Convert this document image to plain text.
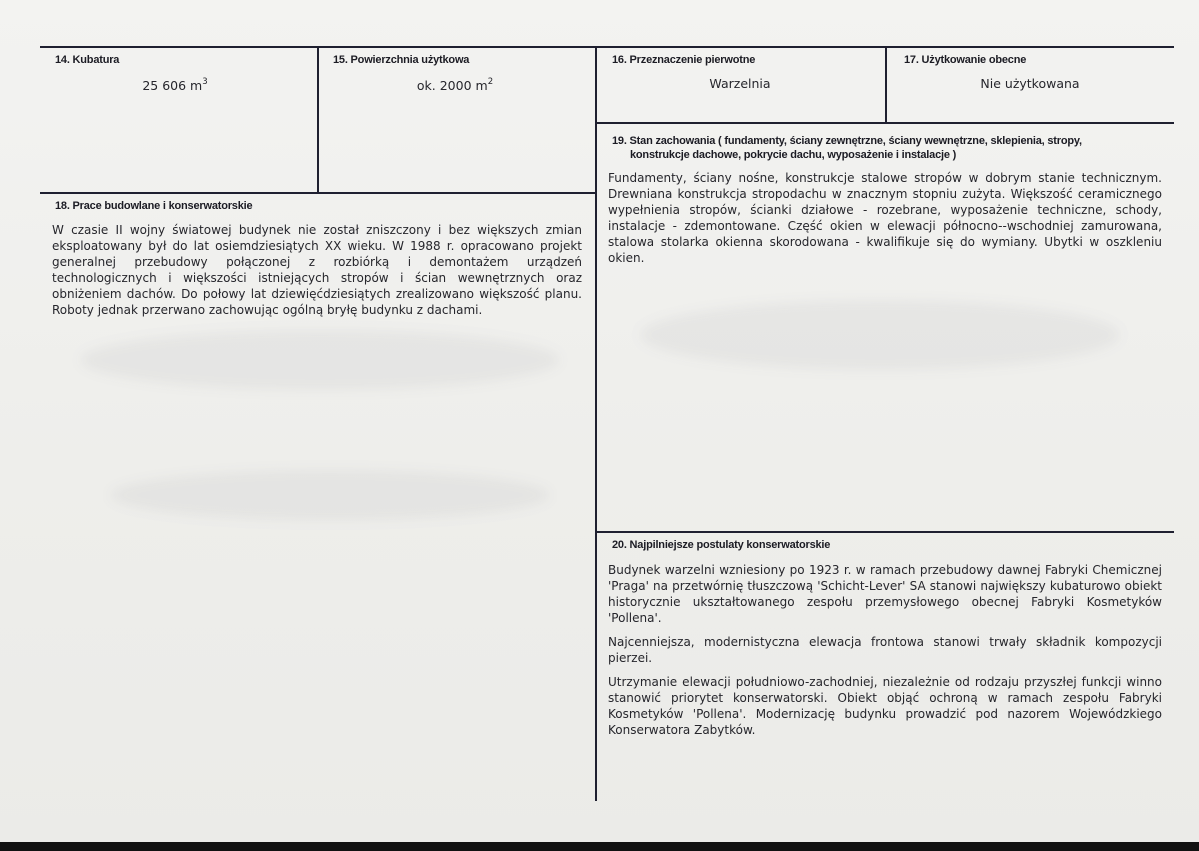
14. Kubatura
25 606 $m^3$
15. Powierzchnia użytkowa
ok. 2000 $m^2$
16. Przeznaczenie pierwotne
Warzelnia
17. Użytkowanie obecne
Nie użytkowana
19. Stan zachowania ( fundamenty, ściany zewnętrzne, ściany wewnętrzne, sklepienia, stropy,
konstrukcje dachowe, pokrycie dachu, wyposażenie i instalacje )
Fundamenty, ściany nośne, konstrukcje stalowe stropów w dobrym stanie technicznym. Drewniana konstrukcja stropodachu w znacznym stopniu zużyta. Większość ceramicznego wypełnienia stropów, ścianki działowe - rozebrane, wyposażenie techniczne, schody, instalacje - zdemontowane. Część okien w elewacji północno--wschodniej zamurowana, stalowa stolarka okienna skorodowana - kwalifikuje się do wymiany. Ubytki w oszkleniu okien.
18. Prace budowlane i konserwatorskie
W czasie II wojny światowej budynek nie został zniszczony i bez większych zmian eksploatowany był do lat osiemdziesiątych XX wieku. W 1988 r. opracowano projekt generalnej przebudowy połączonej z rozbiórką i demontażem urządzeń technologicznych i większości istniejących stropów i ścian wewnętrznych oraz obniżeniem dachów. Do połowy lat dziewięćdziesiątych zrealizowano większość planu. Roboty jednak przerwano zachowując ogólną bryłę budynku z dachami.
20. Najpilniejsze postulaty konserwatorskie

Budynek warzelni wzniesiony po 1923 r. w ramach przebudowy dawnej Fabryki Chemicznej 'Praga' na przetwórnię tłuszczową 'Schicht-Lever' SA stanowi największy kubaturowo obiekt historycznie ukształtowanego zespołu przemysłowego obecnej Fabryki Kosmetyków 'Pollena'.

Najcenniejsza, modernistyczna elewacja frontowa stanowi trwały składnik kompozycji pierzei.

Utrzymanie elewacji południowo-zachodniej, niezależnie od rodzaju przyszłej funkcji winno stanowić priorytet konserwatorski. Obiekt objąć ochroną w ramach zespołu Fabryki Kosmetyków 'Pollena'. Modernizację budynku prowadzić pod nazorem Wojewódzkiego Konserwatora Zabytków.
